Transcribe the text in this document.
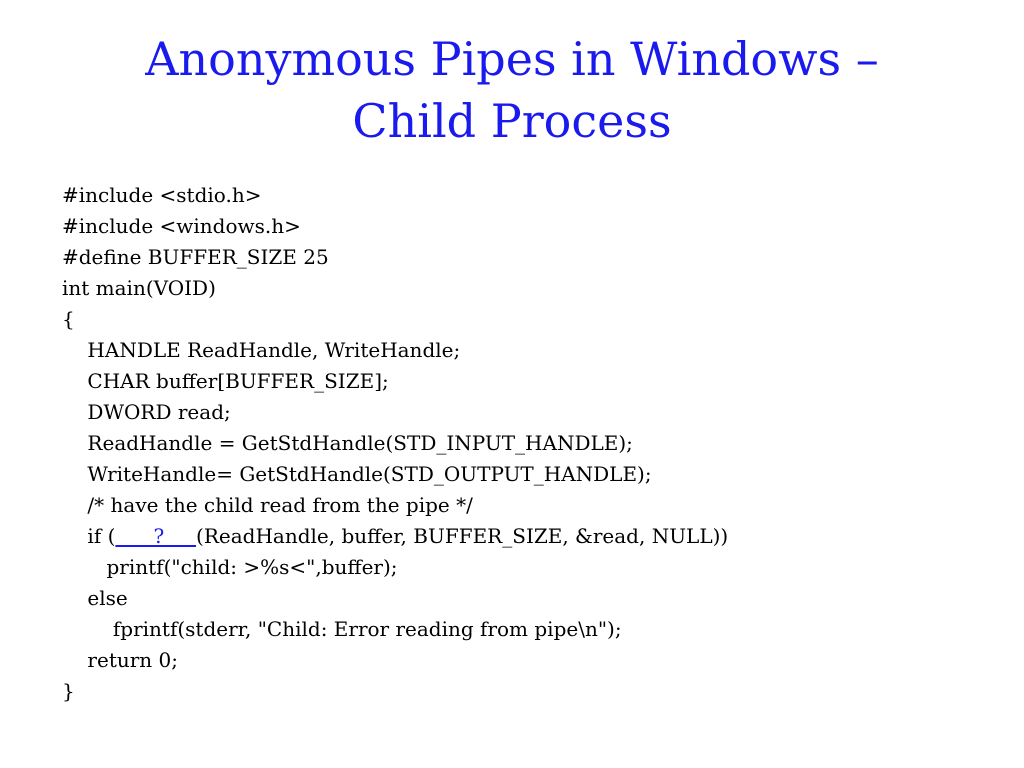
Anonymous Pipes in Windows –
Child Process
#include <stdio.h>
#include <windows.h>
#define BUFFER_SIZE 25
int main(VOID)
{
HANDLE ReadHandle, WriteHandle;
CHAR buffer[BUFFER_SIZE];
DWORD read;
ReadHandle = GetStdHandle(STD_INPUT_HANDLE);
WriteHandle= GetStdHandle(STD_OUTPUT_HANDLE);
/* have the child read from the pipe */
if (      ?     (ReadHandle, buffer, BUFFER_SIZE, &read, NULL))
printf("child: >%s<",buffer);
else
fprintf(stderr, "Child: Error reading from pipe\n");
return 0;
}
